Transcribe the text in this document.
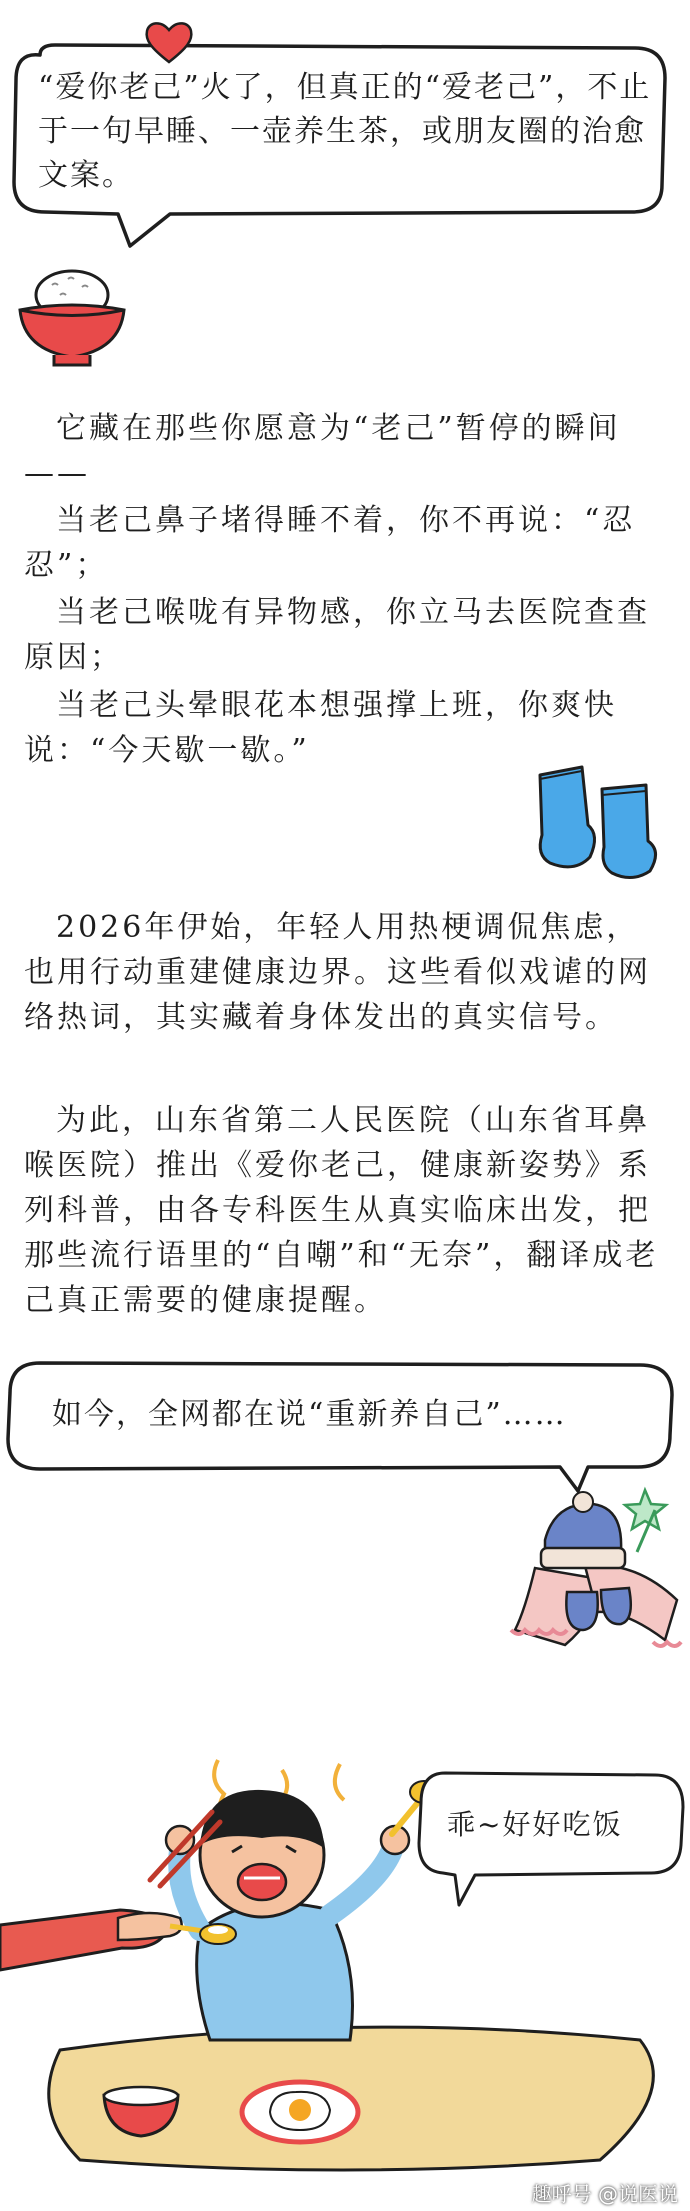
“爱你老己”火了，但真正的“爱老己”，不止于一句早睡、一壶养生茶，或朋友圈的治愈文案。

它藏在那些你愿意为“老己”暂停的瞬间——

当老己鼻子堵得睡不着，你不再说：“忍忍”；

当老己喉咙有异物感，你立马去医院查查原因；

当老己头晕眼花本想强撑上班，你爽快说：“今天歇一歇。”

2026年伊始，年轻人用热梗调侃焦虑，也用行动重建健康边界。这些看似戏谑的网络热词，其实藏着身体发出的真实信号。

为此，山东省第二人民医院（山东省耳鼻喉医院）推出《爱你老己，健康新姿势》系列科普，由各专科医生从真实临床出发，把那些流行语里的“自嘲”和“无奈”，翻译成老己真正需要的健康提醒。

如今，全网都在说“重新养自己”……
乖~好好吃饭
趣呼号 @说医说
